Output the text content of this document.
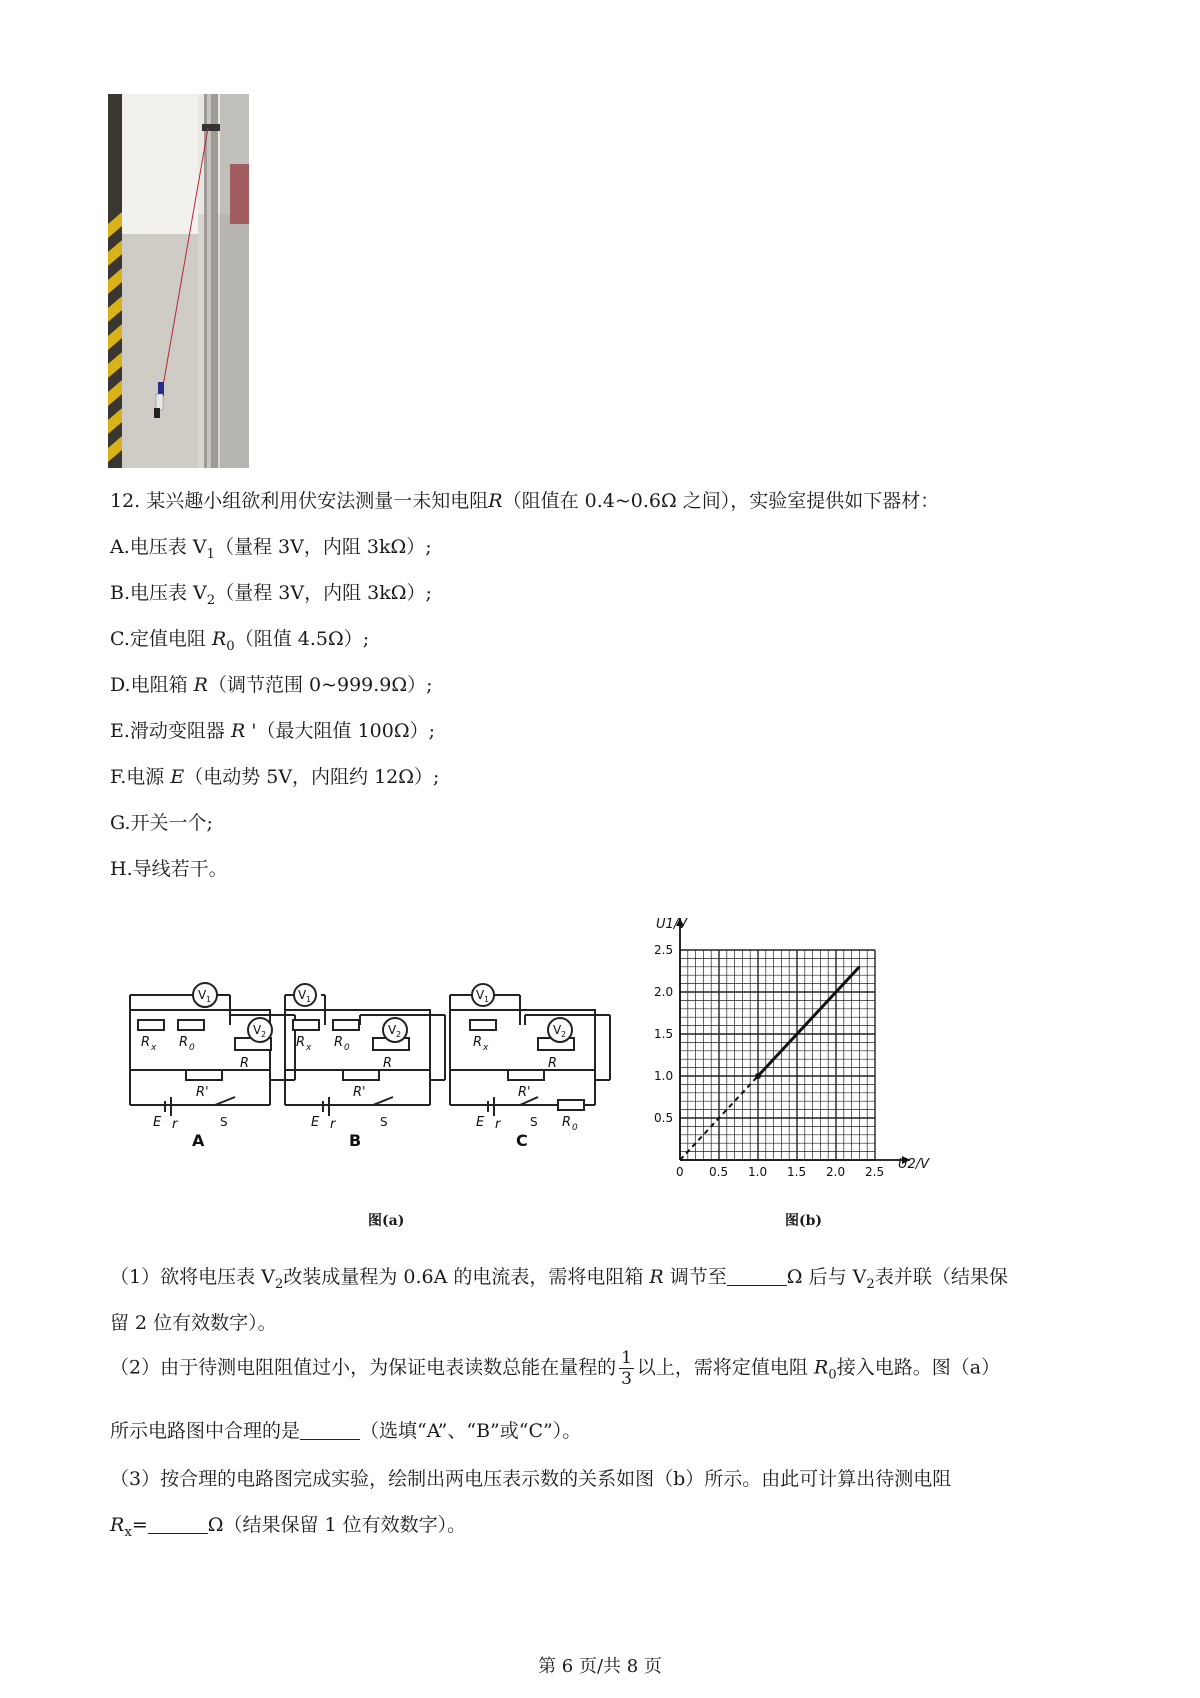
12. 某兴趣小组欲利用伏安法测量一未知电阻R（阻值在 0.4~0.6Ω 之间），实验室提供如下器材：
A.电压表 $V_1$（量程 3V，内阻 3kΩ）;
B.电压表 $V_2$（量程 3V，内阻 3kΩ）;
C.定值电阻 $R_0$（阻值 4.5Ω）;
D.电阻箱 R（调节范围 0~999.9Ω）;
E.滑动变阻器 R '（最大阻值 100Ω）;
F.电源 E（电动势 5V，内阻约 12Ω）;
G.开关一个;
H.导线若干。
R x R 0
R
R'
E r
V 1
V 2
S
A
R x R 0
R
R'
E r
V 1
V 2
S
B
R x
R
R'
E r	R 0
V 1
V 2
S
C
图(a)
0 0.5 1.0 1.5 2.0 2.5
0.5
1.0
1.5
2.0
2.5
U1/V
U2/V
图(b)
（1）欲将电压表 $V_2$改装成量程为 0.6A 的电流表，需将电阻箱 R 调节至	Ω 后与 $V_2$表并联（结果保
留 2 位有效数字）。
（2）由于待测电阻阻值过小，为保证电表读数总能在量程的 $\frac{1}{3}$ 以上，需将定值电阻 $R_0$接入电路。图（a）
所示电路图中合理的是	（选填“A”、“B”或“C”）。
（3）按合理的电路图完成实验，绘制出两电压表示数的关系如图（b）所示。由此可计算出待测电阻
$R_x=$	Ω（结果保留 1 位有效数字）。
第 6 页/共 8 页
